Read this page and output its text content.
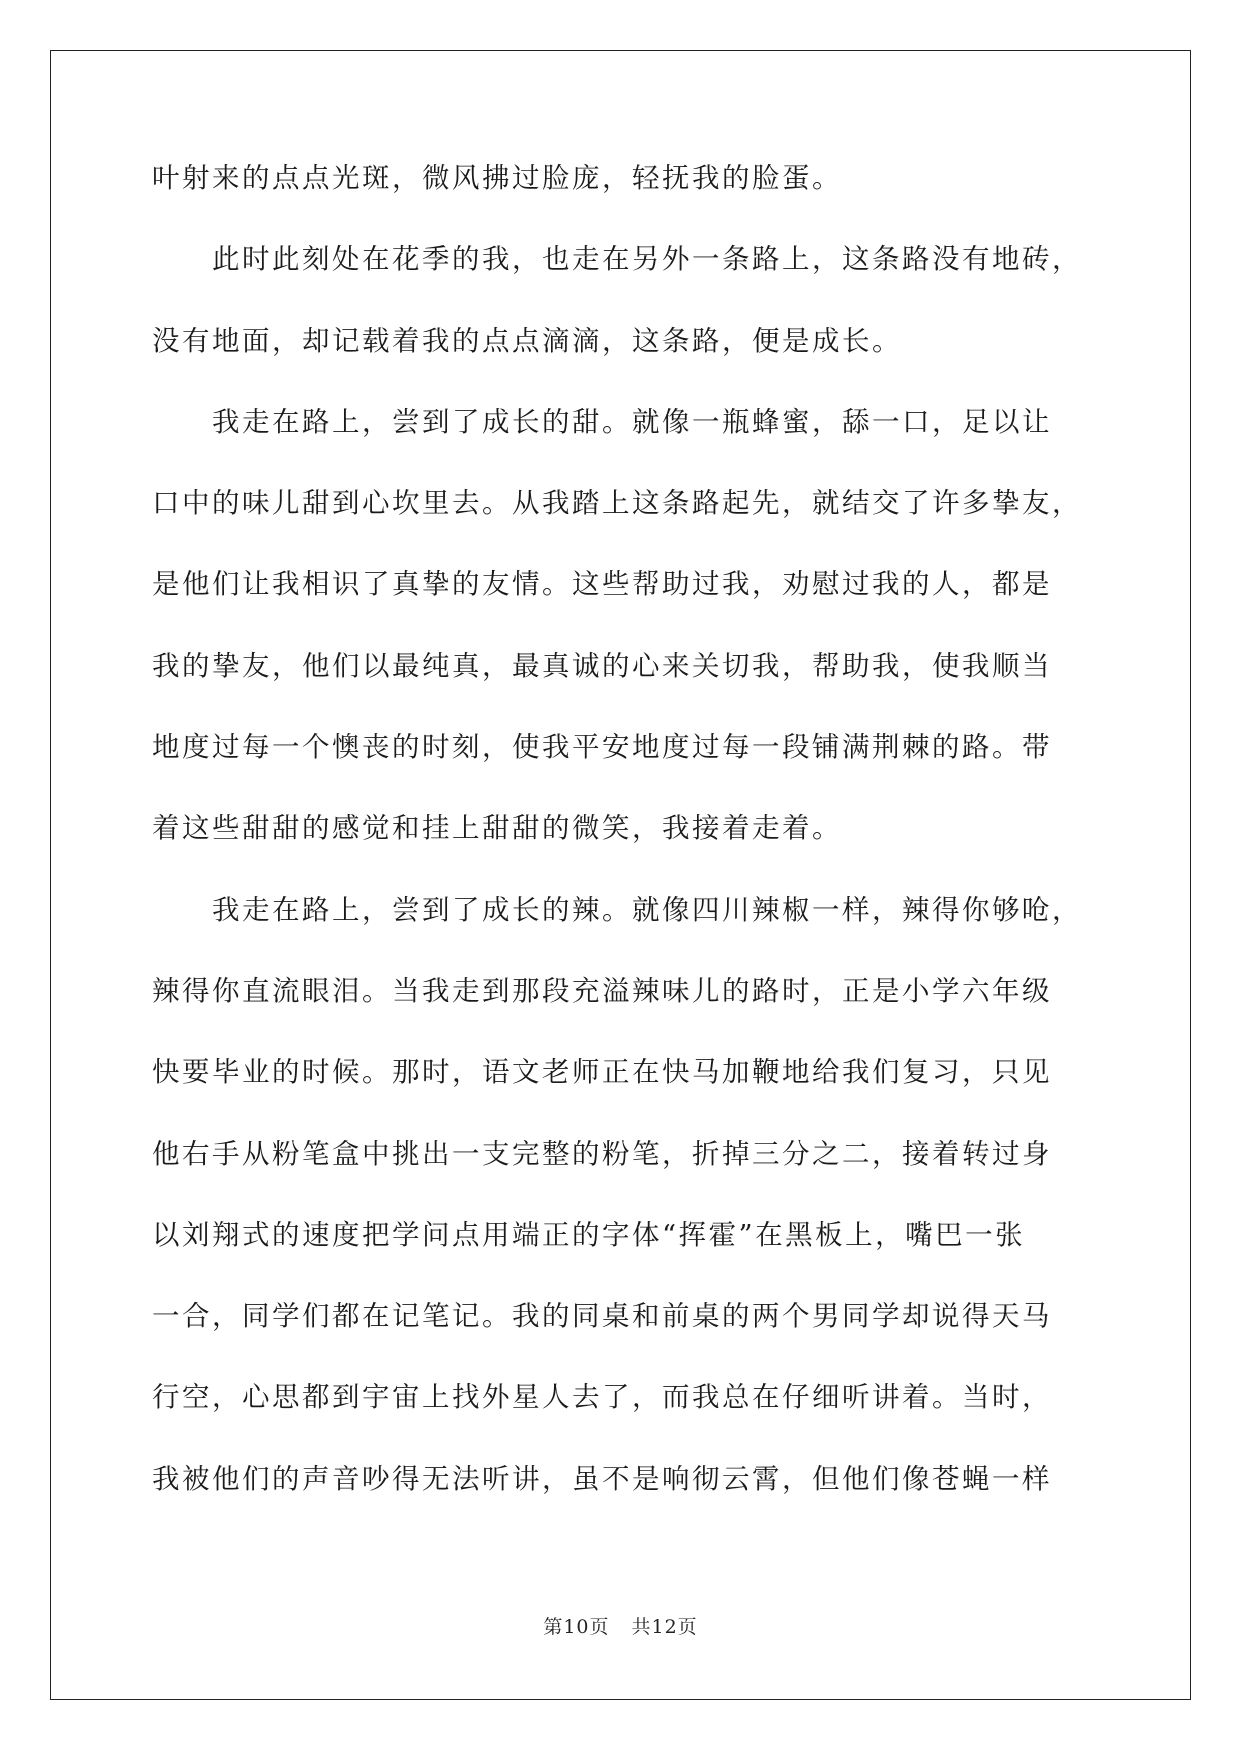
叶射来的点点光斑，微风拂过脸庞，轻抚我的脸蛋。
　　此时此刻处在花季的我，也走在另外一条路上，这条路没有地砖，
没有地面，却记载着我的点点滴滴，这条路，便是成长。
　　我走在路上，尝到了成长的甜。就像一瓶蜂蜜，舔一口，足以让
口中的味儿甜到心坎里去。从我踏上这条路起先，就结交了许多挚友，
是他们让我相识了真挚的友情。这些帮助过我，劝慰过我的人，都是
我的挚友，他们以最纯真，最真诚的心来关切我，帮助我，使我顺当
地度过每一个懊丧的时刻，使我平安地度过每一段铺满荆棘的路。带
着这些甜甜的感觉和挂上甜甜的微笑，我接着走着。
　　我走在路上，尝到了成长的辣。就像四川辣椒一样，辣得你够呛，
辣得你直流眼泪。当我走到那段充溢辣味儿的路时，正是小学六年级
快要毕业的时候。那时，语文老师正在快马加鞭地给我们复习，只见
他右手从粉笔盒中挑出一支完整的粉笔，折掉三分之二，接着转过身
以刘翔式的速度把学问点用端正的字体“挥霍”在黑板上，嘴巴一张
一合，同学们都在记笔记。我的同桌和前桌的两个男同学却说得天马
行空，心思都到宇宙上找外星人去了，而我总在仔细听讲着。当时，
我被他们的声音吵得无法听讲，虽不是响彻云霄，但他们像苍蝇一样
第10页 共12页
